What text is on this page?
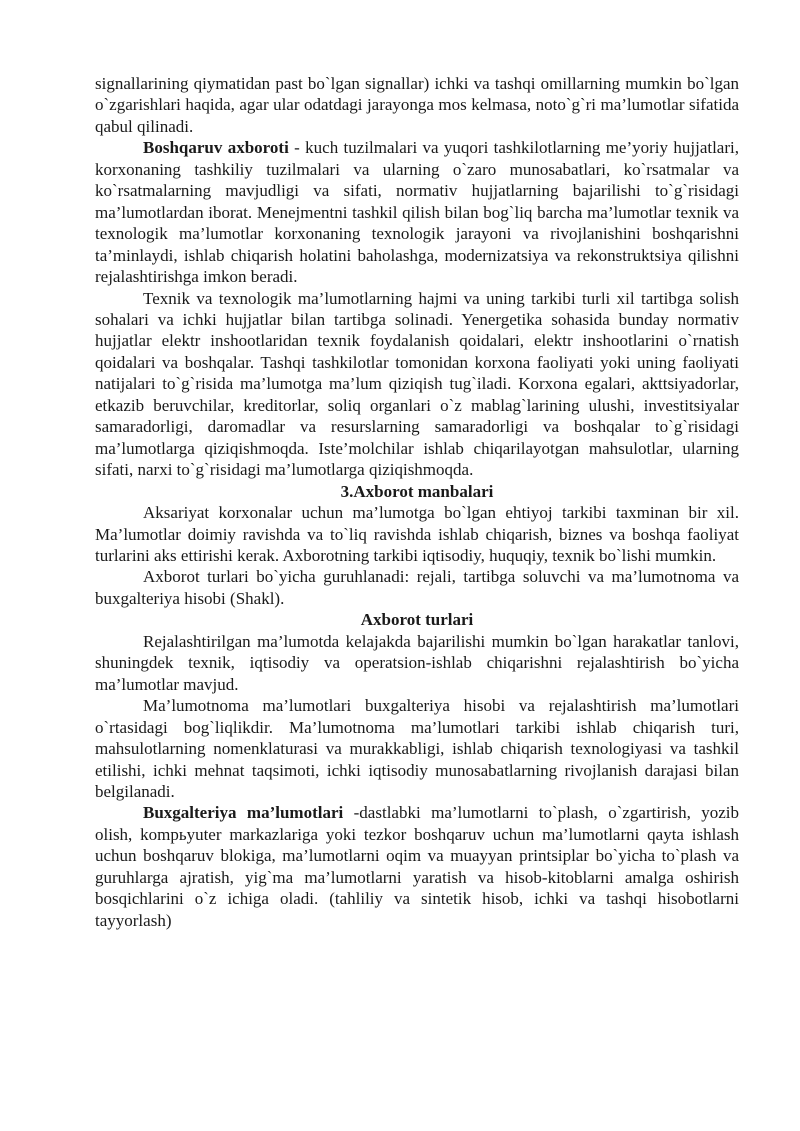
signallarining qiymatidan past bo`lgan signallar) ichki va tashqi omillarning mumkin bo`lgan o`zgarishlari haqida, agar ular odatdagi jarayonga mos kelmasa, noto`g`ri ma’lumotlar sifatida qabul qilinadi.

Boshqaruv axboroti - kuch tuzilmalari va yuqori tashkilotlarning me’yoriy hujjatlari, korxonaning tashkiliy tuzilmalari va ularning o`zaro munosabatlari, ko`rsatmalar va ko`rsatmalarning mavjudligi va sifati, normativ hujjatlarning bajarilishi to`g`risidagi ma’lumotlardan iborat. Menejmentni tashkil qilish bilan bog`liq barcha ma’lumotlar texnik va texnologik ma’lumotlar korxonaning texnologik jarayoni va rivojlanishini boshqarishni ta’minlaydi, ishlab chiqarish holatini baholashga, modernizatsiya va rekonstruktsiya qilishni rejalashtirishga imkon beradi.

Texnik va texnologik ma’lumotlarning hajmi va uning tarkibi turli xil tartibga solish sohalari va ichki hujjatlar bilan tartibga solinadi. Yenergetika sohasida bunday normativ hujjatlar elektr inshootlaridan texnik foydalanish qoidalari, elektr inshootlarini o`rnatish qoidalari va boshqalar. Tashqi tashkilotlar tomonidan korxona faoliyati yoki uning faoliyati natijalari to`g`risida ma’lumotga ma’lum qiziqish tug`iladi. Korxona egalari, akttsiyadorlar, etkazib beruvchilar, kreditorlar, soliq organlari o`z mablag`larining ulushi, investitsiyalar samaradorligi, daromadlar va resurslarning samaradorligi va boshqalar to`g`risidagi ma’lumotlarga qiziqishmoqda. Iste’molchilar ishlab chiqarilayotgan mahsulotlar, ularning sifati, narxi to`g`risidagi ma’lumotlarga qiziqishmoqda.

3.Axborot manbalari

Aksariyat korxonalar uchun ma’lumotga bo`lgan ehtiyoj tarkibi taxminan bir xil. Ma’lumotlar doimiy ravishda va to`liq ravishda ishlab chiqarish, biznes va boshqa faoliyat turlarini aks ettirishi kerak. Axborotning tarkibi iqtisodiy, huquqiy, texnik bo`lishi mumkin.

Axborot turlari bo`yicha guruhlanadi: rejali, tartibga soluvchi va ma’lumotnoma va buxgalteriya hisobi (Shakl).

Axborot turlari

Rejalashtirilgan ma’lumotda kelajakda bajarilishi mumkin bo`lgan harakatlar tanlovi, shuningdek texnik, iqtisodiy va operatsion-ishlab chiqarishni rejalashtirish bo`yicha ma’lumotlar mavjud.

Ma’lumotnoma ma’lumotlari buxgalteriya hisobi va rejalashtirish ma’lumotlari o`rtasidagi bog`liqlikdir. Ma’lumotnoma ma’lumotlari tarkibi ishlab chiqarish turi, mahsulotlarning nomenklaturasi va murakkabligi, ishlab chiqarish texnologiyasi va tashkil etilishi, ichki mehnat taqsimoti, ichki iqtisodiy munosabatlarning rivojlanish darajasi bilan belgilanadi.

Buxgalteriya ma’lumotlari -dastlabki ma’lumotlarni to`plash, o`zgartirish, yozib olish, kompьyuter markazlariga yoki tezkor boshqaruv uchun ma’lumotlarni qayta ishlash uchun boshqaruv blokiga, ma’lumotlarni oqim va muayyan printsiplar bo`yicha to`plash va guruhlarga ajratish, yig`ma ma’lumotlarni yaratish va hisob-kitoblarni amalga oshirish bosqichlarini o`z ichiga oladi. (tahliliy va sintetik hisob, ichki va tashqi hisobotlarni tayyorlash)
